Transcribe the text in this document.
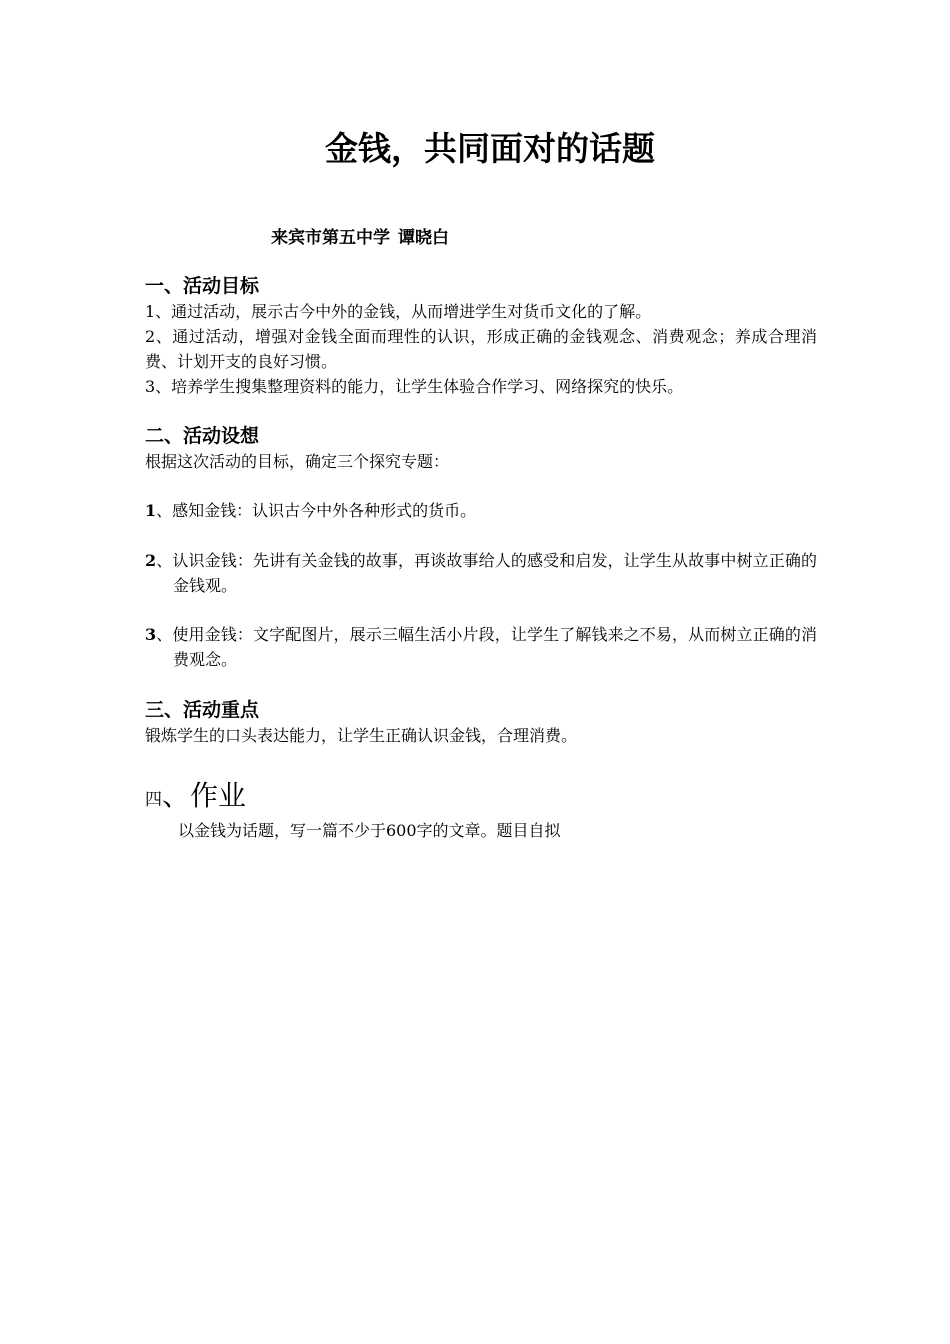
金钱，共同面对的话题
来宾市第五中学 谭晓白

一、活动目标

1、通过活动，展示古今中外的金钱，从而增进学生对货币文化的了解。

2、通过活动，增强对金钱全面而理性的认识，形成正确的金钱观念、消费观念；养成合理消费、计划开支的良好习惯。

3、培养学生搜集整理资料的能力，让学生体验合作学习、网络探究的快乐。

二、活动设想

根据这次活动的目标，确定三个探究专题：

1、感知金钱：认识古今中外各种形式的货币。

2、认识金钱：先讲有关金钱的故事，再谈故事给人的感受和启发，让学生从故事中树立正确的金钱观。

3、使用金钱：文字配图片，展示三幅生活小片段，让学生了解钱来之不易，从而树立正确的消费观念。

三、活动重点

锻炼学生的口头表达能力，让学生正确认识金钱，合理消费。

四、作业

以金钱为话题，写一篇不少于600字的文章。题目自拟
